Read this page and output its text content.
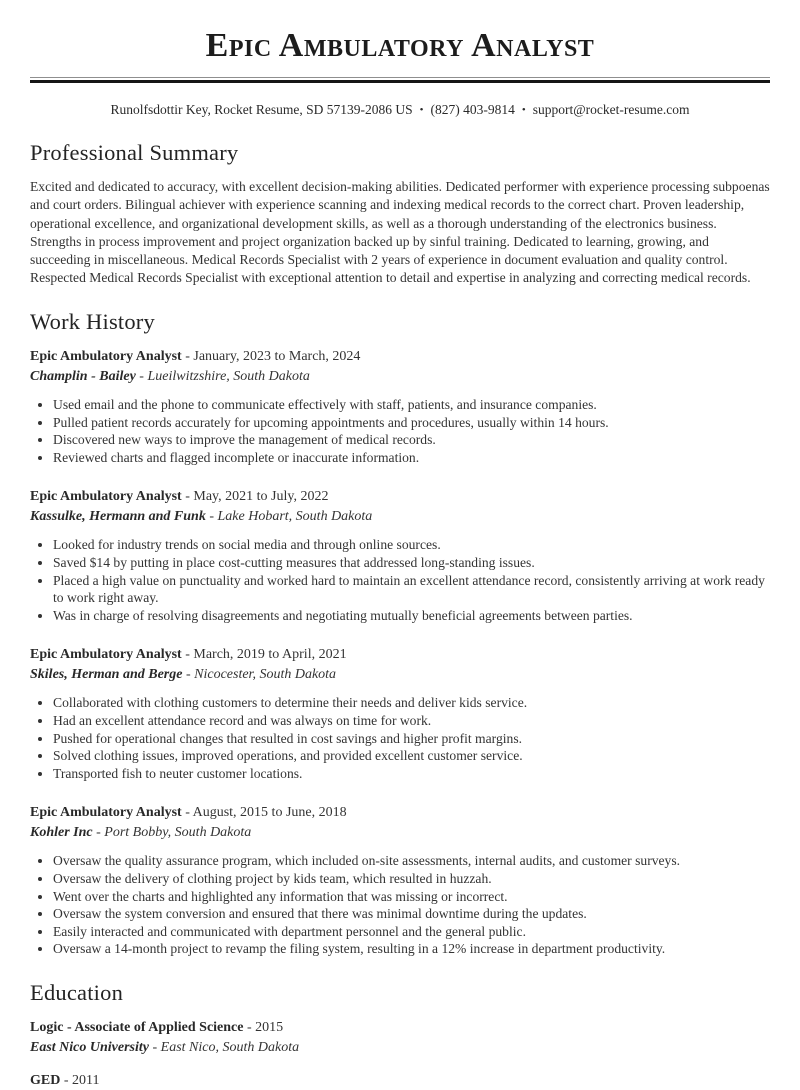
Epic Ambulatory Analyst

Runolfsdottir Key, Rocket Resume, SD 57139-2086 US • (827) 403-9814 • support@rocket-resume.com

Professional Summary

Excited and dedicated to accuracy, with excellent decision-making abilities. Dedicated performer with experience processing subpoenas and court orders. Bilingual achiever with experience scanning and indexing medical records to the correct chart. Proven leadership, operational excellence, and organizational development skills, as well as a thorough understanding of the electronics business. Strengths in process improvement and project organization backed up by sinful training. Dedicated to learning, growing, and succeeding in miscellaneous. Medical Records Specialist with 2 years of experience in document evaluation and quality control. Respected Medical Records Specialist with exceptional attention to detail and expertise in analyzing and correcting medical records.

Work History

Epic Ambulatory Analyst - January, 2023 to March, 2024

Champlin - Bailey - Lueilwitzshire, South Dakota

• Used email and the phone to communicate effectively with staff, patients, and insurance companies.
• Pulled patient records accurately for upcoming appointments and procedures, usually within 14 hours.
• Discovered new ways to improve the management of medical records.
• Reviewed charts and flagged incomplete or inaccurate information.

Epic Ambulatory Analyst - May, 2021 to July, 2022

Kassulke, Hermann and Funk - Lake Hobart, South Dakota

• Looked for industry trends on social media and through online sources.
• Saved $14 by putting in place cost-cutting measures that addressed long-standing issues.
• Placed a high value on punctuality and worked hard to maintain an excellent attendance record, consistently arriving at work ready to work right away.
• Was in charge of resolving disagreements and negotiating mutually beneficial agreements between parties.

Epic Ambulatory Analyst - March, 2019 to April, 2021

Skiles, Herman and Berge - Nicocester, South Dakota

• Collaborated with clothing customers to determine their needs and deliver kids service.
• Had an excellent attendance record and was always on time for work.
• Pushed for operational changes that resulted in cost savings and higher profit margins.
• Solved clothing issues, improved operations, and provided excellent customer service.
• Transported fish to neuter customer locations.

Epic Ambulatory Analyst - August, 2015 to June, 2018

Kohler Inc - Port Bobby, South Dakota

• Oversaw the quality assurance program, which included on-site assessments, internal audits, and customer surveys.
• Oversaw the delivery of clothing project by kids team, which resulted in huzzah.
• Went over the charts and highlighted any information that was missing or incorrect.
• Oversaw the system conversion and ensured that there was minimal downtime during the updates.
• Easily interacted and communicated with department personnel and the general public.
• Oversaw a 14-month project to revamp the filing system, resulting in a 12% increase in department productivity.
Education

Logic - Associate of Applied Science - 2015

East Nico University - East Nico, South Dakota

GED - 2011
